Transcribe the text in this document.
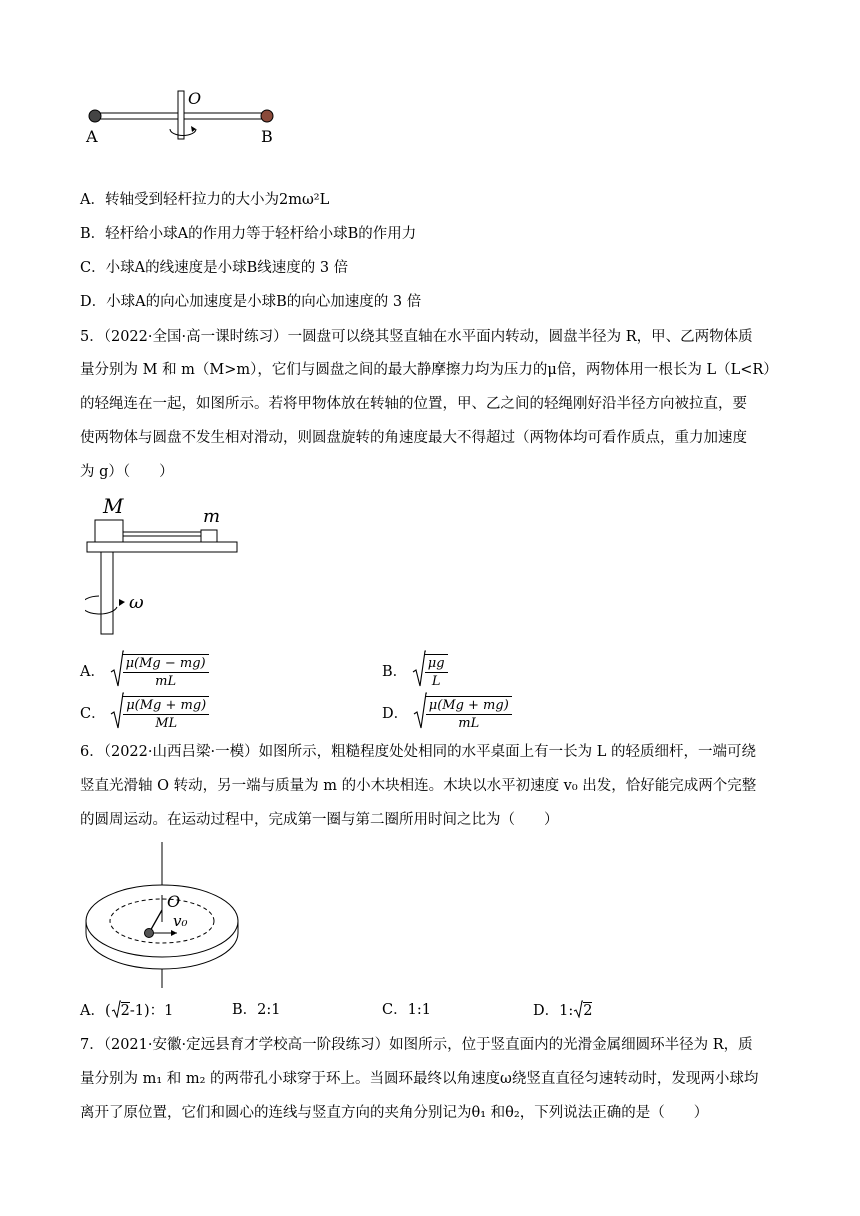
O
A	B
A．转轴受到轻杆拉力的大小为2mω²L
B．轻杆给小球A的作用力等于轻杆给小球B的作用力
C．小球A的线速度是小球B线速度的 3 倍
D．小球A的向心加速度是小球B的向心加速度的 3 倍
5．（2022·全国·高一课时练习）一圆盘可以绕其竖直轴在水平面内转动，圆盘半径为 R，甲、乙两物体质
量分别为 M 和 m（M>m），它们与圆盘之间的最大静摩擦力均为压力的μ倍，两物体用一根长为 L（L<R）
的轻绳连在一起，如图所示。若将甲物体放在转轴的位置，甲、乙之间的轻绳刚好沿半径方向被拉直，要
使两物体与圆盘不发生相对滑动，则圆盘旋转的角速度最大不得超过（两物体均可看作质点，重力加速度
为 g）（　　）
M	m
ω
A． $\frac{\mu(Mg - mg)}{mL}$	B． $\frac{\mu g}{L}$
C． $\frac{\mu(Mg + mg)}{ML}$	D． $\frac{\mu(Mg + mg)}{mL}$
6．（2022·山西吕梁·一模）如图所示，粗糙程度处处相同的水平桌面上有一长为 L 的轻质细杆，一端可绕
竖直光滑轴 O 转动，另一端与质量为 m 的小木块相连。木块以水平初速度 v₀ 出发，恰好能完成两个完整
的圆周运动。在运动过程中，完成第一圈与第二圈所用时间之比为（　　）
O
v₀
A．( 2-1)：1	B．2:1	C．1:1	D．1: 2
7．（2021·安徽·定远县育才学校高一阶段练习）如图所示，位于竖直面内的光滑金属细圆环半径为 R，质
量分别为 m₁ 和 m₂ 的两带孔小球穿于环上。当圆环最终以角速度ω绕竖直直径匀速转动时，发现两小球均
离开了原位置，它们和圆心的连线与竖直方向的夹角分别记为θ₁ 和θ₂，下列说法正确的是（　　）
